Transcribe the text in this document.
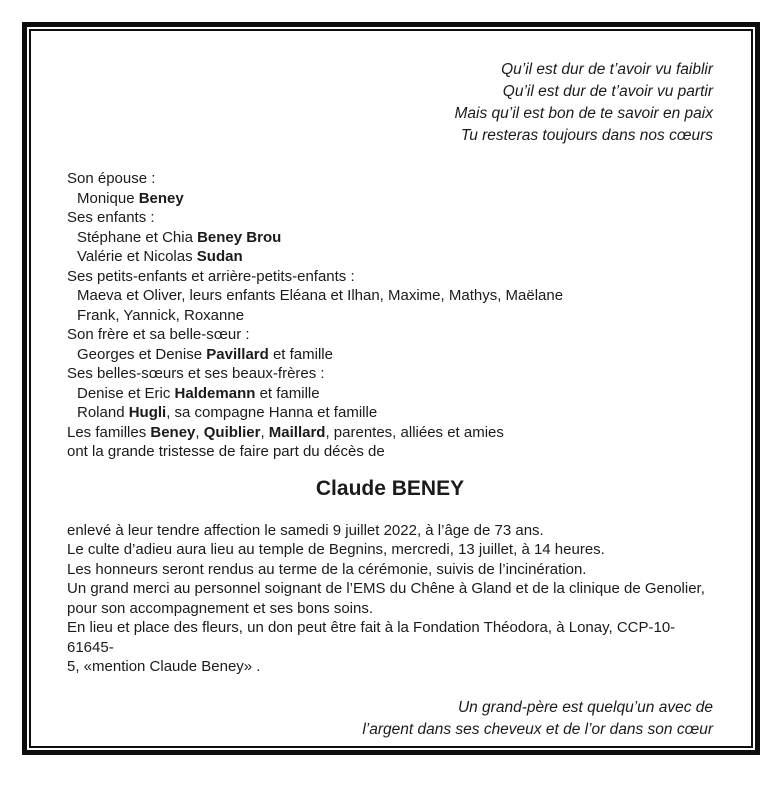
Qu’il est dur de t’avoir vu faiblir
Qu’il est dur de t’avoir vu partir
Mais qu’il est bon de te savoir en paix
Tu resteras toujours dans nos cœurs
Son épouse :
Monique Beney
Ses enfants :
Stéphane et Chia Beney Brou
Valérie et Nicolas Sudan
Ses petits-enfants et arrière-petits-enfants :
Maeva et Oliver, leurs enfants Eléana et Ilhan, Maxime, Mathys, Maëlane
Frank, Yannick, Roxanne
Son frère et sa belle-sœur :
Georges et Denise Pavillard et famille
Ses belles-sœurs et ses beaux-frères :
Denise et Eric Haldemann et famille
Roland Hugli, sa compagne Hanna et famille
Les familles Beney, Quiblier, Maillard, parentes, alliées et amies
ont la grande tristesse de faire part du décès de
Claude BENEY
enlevé à leur tendre affection le samedi 9 juillet 2022, à l’âge de 73 ans.
Le culte d’adieu aura lieu au temple de Begnins, mercredi, 13 juillet, à 14 heures.
Les honneurs seront rendus au terme de la cérémonie, suivis de l’incinération.
Un grand merci au personnel soignant de l’EMS du Chêne à Gland et de la clinique de Genolier,
pour son accompagnement et ses bons soins.
En lieu et place des fleurs, un don peut être fait à la Fondation Théodora, à Lonay, CCP-10-61645-
5, «mention Claude Beney» .
Un grand-père est quelqu’un avec de
l’argent dans ses cheveux et de l’or dans son cœur
